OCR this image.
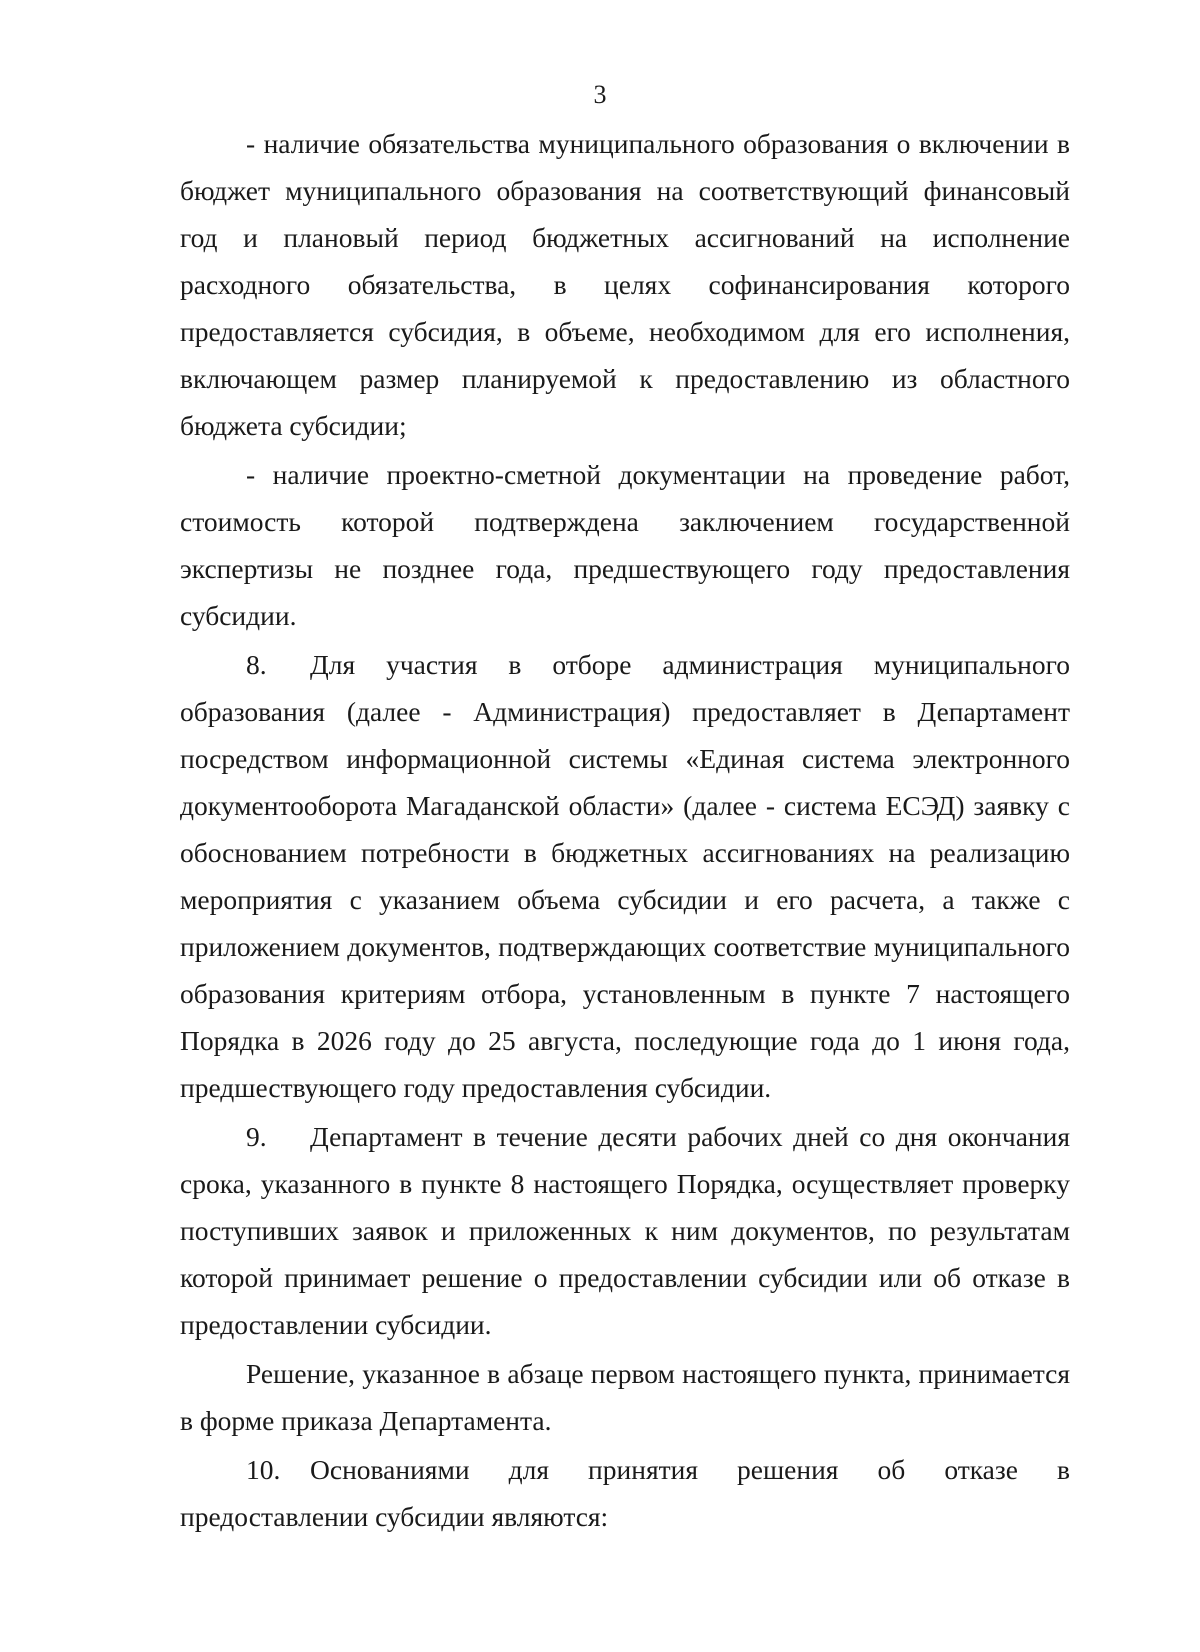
3

- наличие обязательства муниципального образования о включении в бюджет муниципального образования на соответствующий финансовый год и плановый период бюджетных ассигнований на исполнение расходного обязательства, в целях софинансирования которого предоставляется субсидия, в объеме, необходимом для его исполнения, включающем размер планируемой к предоставлению из областного бюджета субсидии;

- наличие проектно-сметной документации на проведение работ, стоимость которой подтверждена заключением государственной экспертизы не позднее года, предшествующего году предоставления субсидии.

8. Для участия в отборе администрация муниципального образования (далее - Администрация) предоставляет в Департамент посредством информационной системы «Единая система электронного документооборота Магаданской области» (далее - система ЕСЭД) заявку с обоснованием потребности в бюджетных ассигнованиях на реализацию мероприятия с указанием объема субсидии и его расчета, а также с приложением документов, подтверждающих соответствие муниципального образования критериям отбора, установленным в пункте 7 настоящего Порядка в 2026 году до 25 августа, последующие года до 1 июня года, предшествующего году предоставления субсидии.

9. Департамент в течение десяти рабочих дней со дня окончания срока, указанного в пункте 8 настоящего Порядка, осуществляет проверку поступивших заявок и приложенных к ним документов, по результатам которой принимает решение о предоставлении субсидии или об отказе в предоставлении субсидии.

Решение, указанное в абзаце первом настоящего пункта, принимается в форме приказа Департамента.

10. Основаниями для принятия решения об отказе в предоставлении субсидии являются:
